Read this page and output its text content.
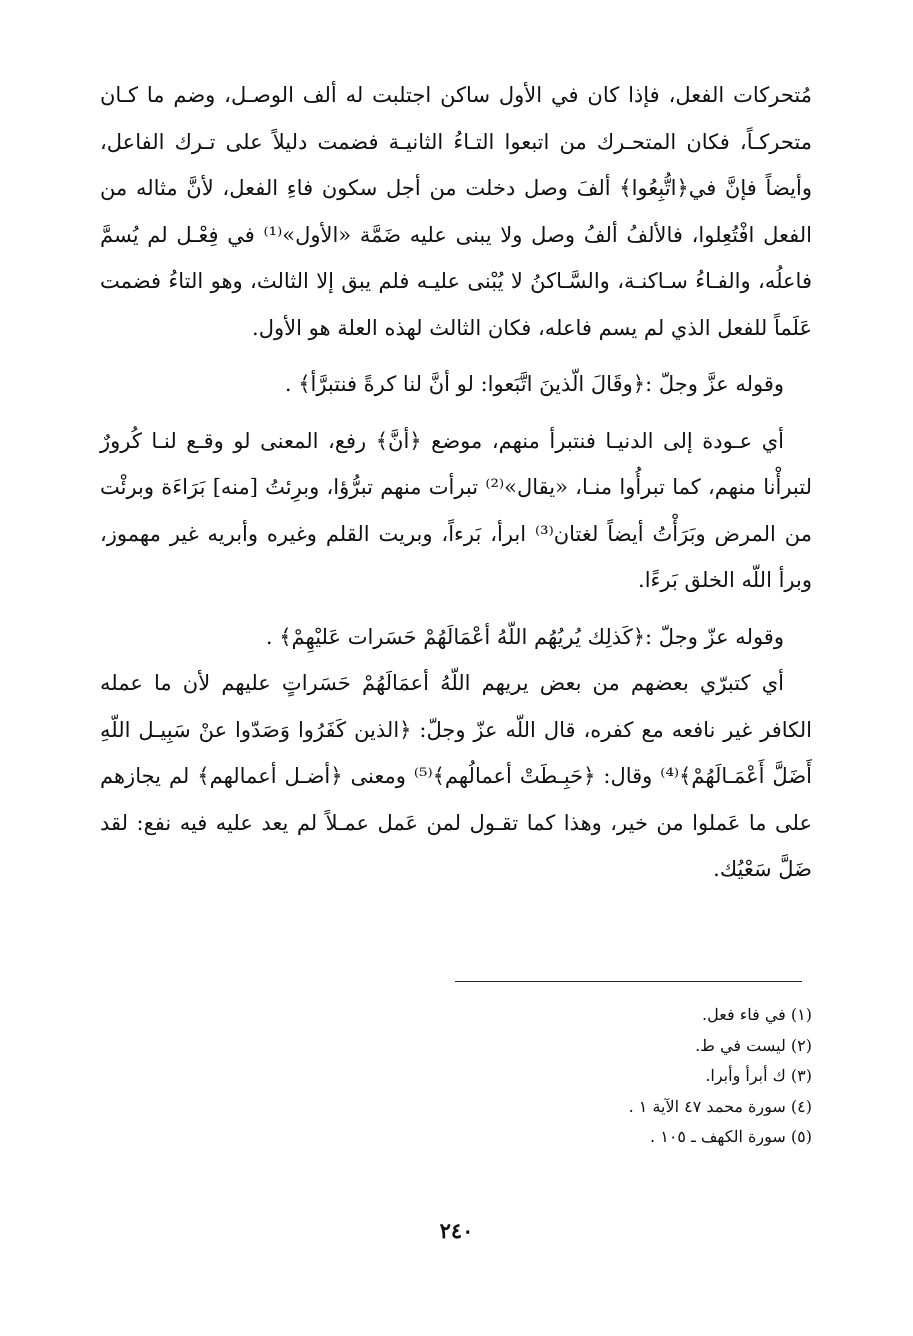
مُتحركات الفعل، فإذا كان في الأول ساكن اجتلبت له ألف الوصـل، وضم ما كـان متحركـاً، فكان المتحـرك من اتبعوا التـاءُ الثانيـة فضمت دليلاً على تـرك الفاعل، وأيضاً فإنَّ في﴿اتُّبِعُوا﴾ ألفَ وصل دخلت من أجل سكون فاءِ الفعل، لأنَّ مثاله من الفعل افْتُعِلوا، فالألفُ ألفُ وصل ولا يبنى عليه ضَمَّة «الأول»⁽¹⁾ في فِعْـل لم يُسمَّ فاعلُه، والفـاءُ سـاكنـة، والسَّـاكنُ لا يُبْنى عليـه فلم يبق إلا الثالث، وهو التاءُ فضمت عَلَماً للفعل الذي لم يسم فاعله، فكان الثالث لهذه العلة هو الأول.

وقوله عزَّ وجلّ :﴿وقَالَ الّذينَ اتَّبَعوا: لو أنَّ لنا كرةً فنتبرَّأ﴾ .

أي عـودة إلى الدنيـا فنتبرأ منهم، موضع ﴿أنَّ﴾ رفع، المعنى لو وقـع لنـا كُرورٌ لتبرأْنا منهم، كما تبرأُوا منـا، «يقال»⁽²⁾ تبرأت منهم تبرُّؤا، وبرِئتُ [منه] بَرَاءَة وبرئْت من المرض وبَرَأْتُ أيضاً لغتان⁽³⁾ ابرأ، بَرءاً، وبريت القلم وغيره وأبريه غير مهموز، وبرأ اللّه الخلق بَرءًا.

وقوله عزّ وجلّ :﴿كَذلِك يُريُهُم اللّهُ أعْمَالَهُمْ حَسَرات عَليْهِمْ﴾ .

أي كتبرّي بعضهم من بعض يريهم اللّهُ أعمَالَهُمْ حَسَراتٍ عليهم لأن ما عمله الكافر غير نافعه مع كفره، قال اللّه عزّ وجلّ: ﴿الذين كَفَرُوا وَصَدّوا عنْ سَبِيـل اللّهِ أَضَلَّ أَعْمَـالَهُمْ﴾⁽⁴⁾ وقال: ﴿حَبِـطَتْ أعمالُهم﴾⁽⁵⁾ ومعنى ﴿أضـل أعمالهم﴾ لم يجازهم على ما عَملوا من خير، وهذا كما تقـول لمن عَمل عمـلاً لم يعد عليه فيه نفع: لقد ضَلَّ سَعْيُك.

(١) في فاء فعل.
(٢) ليست في ط.
(٣) ك أبرأ وأبرا.
(٤) سورة محمد ٤٧ الآية ١ .
(٥) سورة الكهف ـ ١٠٥ .
٢٤٠
